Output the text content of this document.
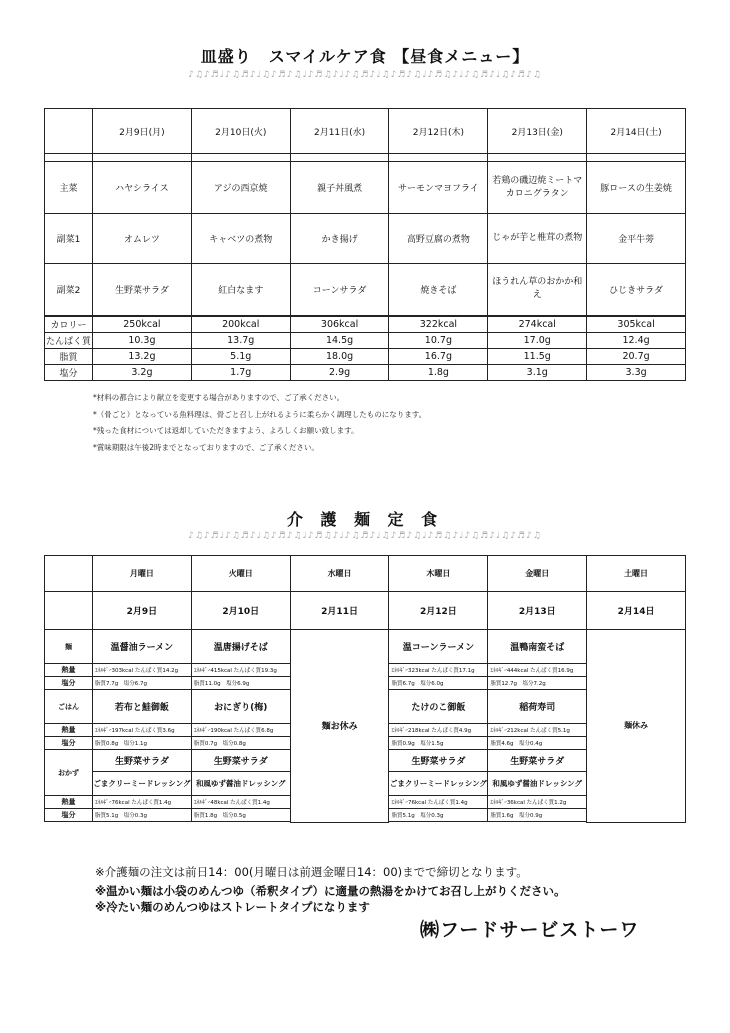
皿盛り　スマイルケア食 【昼食メニュー】
♪♫♪♬♩♪♫♬♪♩♫♪♬♪♫♩♪♬♫♪♩♪♫♬♪♩♫♪♬♪♫♩♪♬♫♪♩♪♫♬♪♩♫♪♬♪♫
	2月9日(月)	2月10日(火)	2月11日(水)	2月12日(木)	2月13日(金)	2月14日(土)

主菜	ハヤシライス	アジの西京焼	親子丼風煮	サーモンマヨフライ	若鶏の磯辺焼ミートマカロニグラタン	豚ロースの生姜焼
副菜1	オムレツ	キャベツの煮物	かき揚げ	高野豆腐の煮物	じゃが芋と椎茸の煮物	金平牛蒡
副菜2	生野菜サラダ	紅白なます	コーンサラダ	焼きそば	ほうれん草のおかか和え	ひじきサラダ
カロリー	250kcal	200kcal	306kcal	322kcal	274kcal	305kcal
たんぱく質	10.3g	13.7g	14.5g	10.7g	17.0g	12.4g
脂質	13.2g	5.1g	18.0g	16.7g	11.5g	20.7g
塩分	3.2g	1.7g	2.9g	1.8g	3.1g	3.3g
*材料の都合により献立を変更する場合がありますので、ご了承ください。
*（骨ごと）となっている魚料理は、骨ごと召し上がれるように柔らかく調理したものになります。
*残った食材については返却していただきますよう、よろしくお願い致します。
*賞味期限は午後2時までとなっておりますので、ご了承ください。
介 護 麺 定 食
♪♫♪♬♩♪♫♬♪♩♫♪♬♪♫♩♪♬♫♪♩♪♫♬♪♩♫♪♬♪♫♩♪♬♫♪♩♪♫♬♪♩♫♪♬♪♫
	月曜日	火曜日	水曜日	木曜日	金曜日	土曜日
	2月9日	2月10日	2月11日	2月12日	2月13日	2月14日
麺	温醤油ラーメン	温唐揚げそば	麺お休み	温コーンラーメン	温鴨南蛮そば	麺休み
熱量	ｴﾈﾙｷﾞｰ303kcal たんぱく質14.2g	ｴﾈﾙｷﾞｰ415kcal たんぱく質19.3g		ｴﾈﾙｷﾞｰ323kcal たんぱく質17.1g	ｴﾈﾙｷﾞｰ444kcal たんぱく質16.9g	
塩分	脂質7.7g　塩分6.7g	脂質11.0g　塩分6.9g		脂質6.7g　塩分6.0g	脂質12.7g　塩分7.2g	
ごはん	若布と鮭御飯	おにぎり(梅)		たけのこ御飯	稲荷寿司	
熱量	ｴﾈﾙｷﾞｰ197kcal たんぱく質3.6g	ｴﾈﾙｷﾞｰ190kcal たんぱく質6.8g		ｴﾈﾙｷﾞｰ218kcal たんぱく質4.9g	ｴﾈﾙｷﾞｰ212kcal たんぱく質5.1g	
塩分	脂質0.8g　塩分1.1g	脂質0.7g　塩分0.8g		脂質0.9g　塩分1.5g	脂質4.6g　塩分0.4g	
おかず	生野菜サラダ	生野菜サラダ		生野菜サラダ	生野菜サラダ	
	ごまクリーミードレッシング	和風ゆず醤油ドレッシング		ごまクリーミードレッシング	和風ゆず醤油ドレッシング	
熱量	ｴﾈﾙｷﾞｰ76kcal たんぱく質1.4g	ｴﾈﾙｷﾞｰ48kcal たんぱく質1.4g		ｴﾈﾙｷﾞｰ76kcal たんぱく質1.4g	ｴﾈﾙｷﾞｰ36kcal たんぱく質1.2g	
塩分	脂質5.1g　塩分0.3g	脂質1.8g　塩分0.5g		脂質5.1g　塩分0.3g	脂質1.6g　塩分0.9g	

※介護麺の注文は前日14：00(月曜日は前週金曜日14：00)までで締切となります。
※温かい麺は小袋のめんつゆ（希釈タイプ）に適量の熱湯をかけてお召し上がりください。
※冷たい麺のめんつゆはストレートタイプになります
㈱フードサービストーワ
